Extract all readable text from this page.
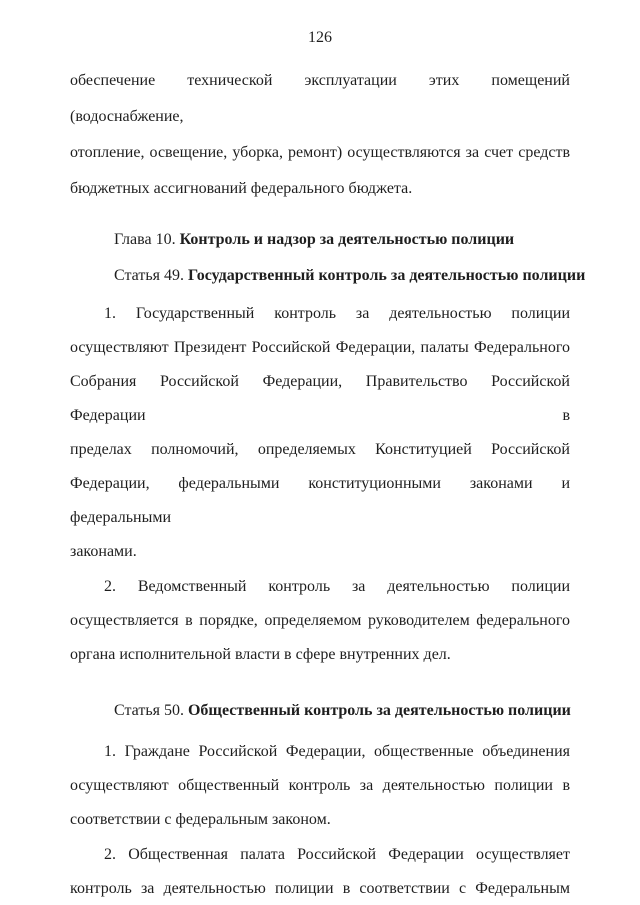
126

обеспечение технической эксплуатации этих помещений (водоснабжение,
отопление, освещение, уборка, ремонт) осуществляются за счет средств
бюджетных ассигнований федерального бюджета.

Глава 10. Контроль и надзор за деятельностью полиции

Статья 49. Государственный контроль за деятельностью полиции

1. Государственный контроль за деятельностью полиции
осуществляют Президент Российской Федерации, палаты Федерального
Собрания Российской Федерации, Правительство Российской Федерации в
пределах полномочий, определяемых Конституцией Российской
Федерации, федеральными конституционными законами и федеральными
законами.

2. Ведомственный контроль за деятельностью полиции
осуществляется в порядке, определяемом руководителем федерального
органа исполнительной власти в сфере внутренних дел.

Статья 50. Общественный контроль за деятельностью полиции

1. Граждане Российской Федерации, общественные объединения
осуществляют общественный контроль за деятельностью полиции в
соответствии с федеральным законом.

2. Общественная палата Российской Федерации осуществляет
контроль за деятельностью полиции в соответствии с Федеральным
